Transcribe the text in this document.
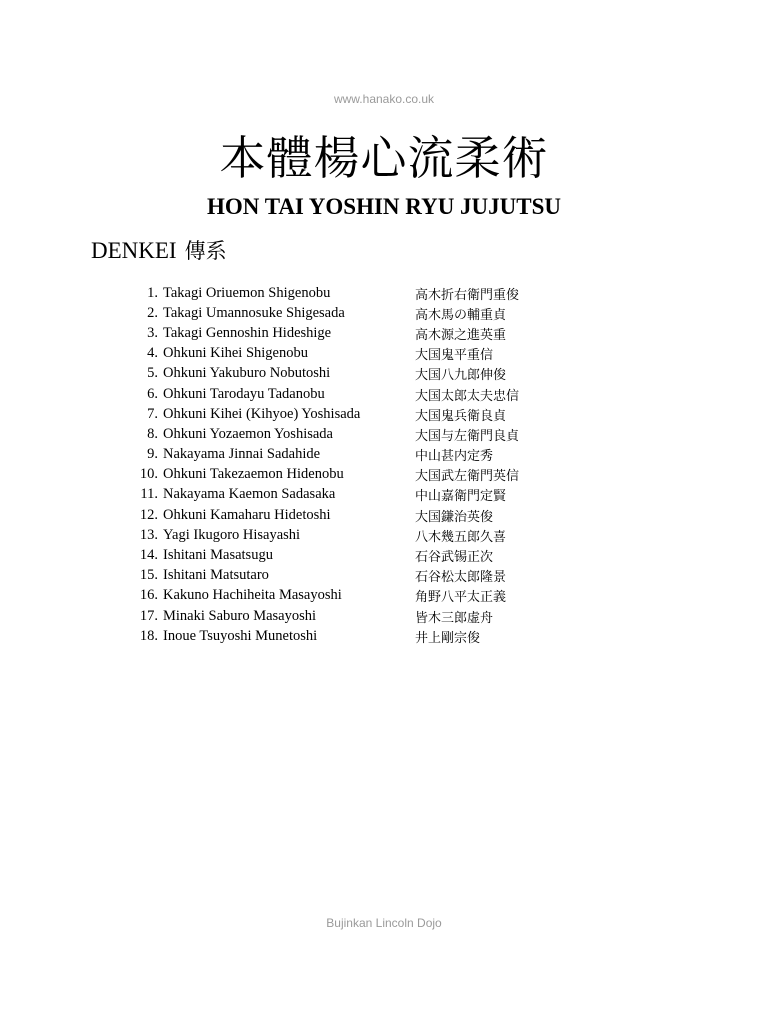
www.hanako.co.uk
本體楊心流柔術
HON TAI YOSHIN RYU JUJUTSU
DENKEI 傳系
1. Takagi Oriuemon Shigenobu	高木折右衛門重俊
2. Takagi Umannosuke Shigesada	高木馬の輔重貞
3. Takagi Gennoshin Hideshige	高木源之進英重
4. Ohkuni Kihei Shigenobu	大国鬼平重信
5. Ohkuni Yakuburo Nobutoshi	大国八九郎伸俊
6. Ohkuni Tarodayu Tadanobu	大国太郎太夫忠信
7. Ohkuni Kihei (Kihyoe) Yoshisada	大国鬼兵衛良貞
8. Ohkuni Yozaemon Yoshisada	大国与左衛門良貞
9. Nakayama Jinnai Sadahide	中山甚内定秀
10. Ohkuni Takezaemon Hidenobu	大国武左衛門英信
11. Nakayama Kaemon Sadasaka	中山嘉衛門定賢
12. Ohkuni Kamaharu Hidetoshi	大国鎌治英俊
13. Yagi Ikugoro Hisayashi	八木幾五郎久喜
14. Ishitani Masatsugu	石谷武锡正次
15. Ishitani Matsutaro	石谷松太郎隆景
16. Kakuno Hachiheita Masayoshi	角野八平太正義
17. Minaki Saburo Masayoshi	皆木三郎虚舟
18. Inoue Tsuyoshi Munetoshi	井上剛宗俊
Bujinkan Lincoln Dojo
